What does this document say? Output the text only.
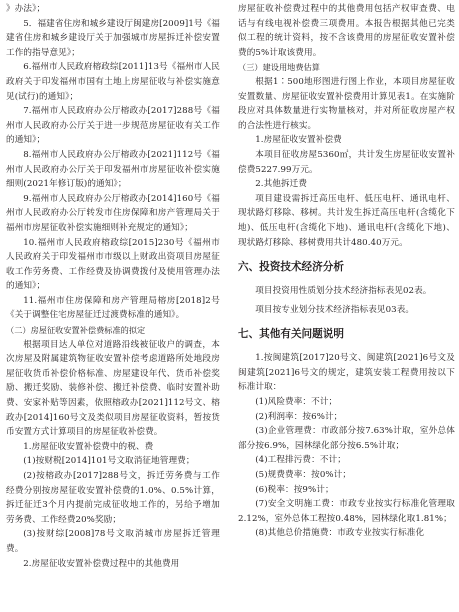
》办法》；

5．福建省住房和城乡建设厅闽建房[2009]1号《福建省住房和城乡建设厅关于加强城市房屋拆迁补偿安置工作的指导意见》；

6.福州市人民政府榕政综[2011]13号《福州市人民政府关于印发福州市国有土地上房屋征收与补偿实施意见(试行)的通知》；

7.福州市人民政府办公厅榕政办[2017]288号《福州市人民政府办公厅关于进一步规范房屋征收有关工作的通知》；

8.福州市人民政府办公厅榕政办[2021]112号《福州市人民政府办公厅关于印发福州市房屋征收补偿实施细则(2021年修订版)的通知》；

9.福州市人民政府办公厅榕政办[2014]160号《福州市人民政府办公厅转发市住房保障和房产管理局关于福州市房屋征收补偿实施细则补充规定的通知》；

10.福州市人民政府榕政综[2015]230号《福州市人民政府关于印发福州市市级以上财政出资项目房屋征收工作劳务费、工作经费及协调费拨付及使用管理办法的通知》；

11.福州市住房保障和房产管理局榕房[2018]2号《关于调整住宅房屋征迁过渡费标准的通知》。

（二）房屋征收安置补偿费标准的拟定

根据项目达人单位对道路沿线被征收户的调查，本次房屋及附属建筑物征收安置补偿考虑道路所处地段房屋征收货币补偿价格标准、房屋建设年代、货币补偿奖励、搬迁奖励、装修补偿、搬迁补偿费、临时安置补助费、安家补贴等因素，依照榕政办[2021]112号文、榕政办[2014]160号文及类似项目房屋征收资料，暂按货币安置方式计算项目的房屋征收补偿费。

1.房屋征收安置补偿费中的税、费

(1)按财税[2014]101号文取消征地管理费；

(2)按榕政办[2017]288号文，拆迁劳务费与工作经费分别按房屋征收安置补偿费的1.0%、0.5%计算，拆迁征迁3个月内提前完成征收地工作的，另给予增加劳务费、工作经费20%奖励；

(3)按财综[2008]78号文取消城市房屋拆迁管理费。

2.房屋征收安置补偿费过程中的其他费用

房屋征收补偿费过程中的其他费用包括产权审查费、电话与有线电视补偿费三项费用。本报告根据其他已完类似工程的统计资料，按不含该费用的房屋征收安置补偿费的5%计取该费用。

（三）建设用地费估算

根据1∶500地形图进行图上作业，本项目房屋征收安置数量、房屋征收安置补偿费用计算见表1。在实施阶段应对具体数量进行实物量核对，并对所征收房屋产权的合法性进行核实。

1.房屋征收安置补偿费

本项目征收房屋5360㎡，共计发生房屋征收安置补偿费5227.99万元。

2.其他拆迁费

项目建设需拆迁高压电杆、低压电杆、通讯电杆、现状路灯移除、移树。共计发生拆迁高压电杆(含缆化下地)、低压电杆(含缆化下地)、通讯电杆(含缆化下地)、现状路灯移除、移树费用共计480.40万元。

六、投资技术经济分析

项目投资用性质划分技术经济指标表见02表。

项目按专业划分技术经济指标表见03表。

七、其他有关问题说明

1.按闽建筑[2017]20号文、闽建筑[2021]6号文及闽建筑[2021]6号文的规定，建筑安装工程费用按以下标准计取：

(1)风险费率：不计；

(2)利润率：按6%计；

(3)企业管理费：市政部分按7.63%计取，室外总体部分按6.9%，园林绿化部分按6.5%计取；

(4)工程排污费：不计；

(5)规费费率：按0%计；

(6)税率：按9%计；

(7)安全文明施工费：市政专业按实行标准化管理取2.12%，室外总体工程按0.48%，园林绿化取1.81%；

(8)其他总价措施费：市政专业按实行标准化
